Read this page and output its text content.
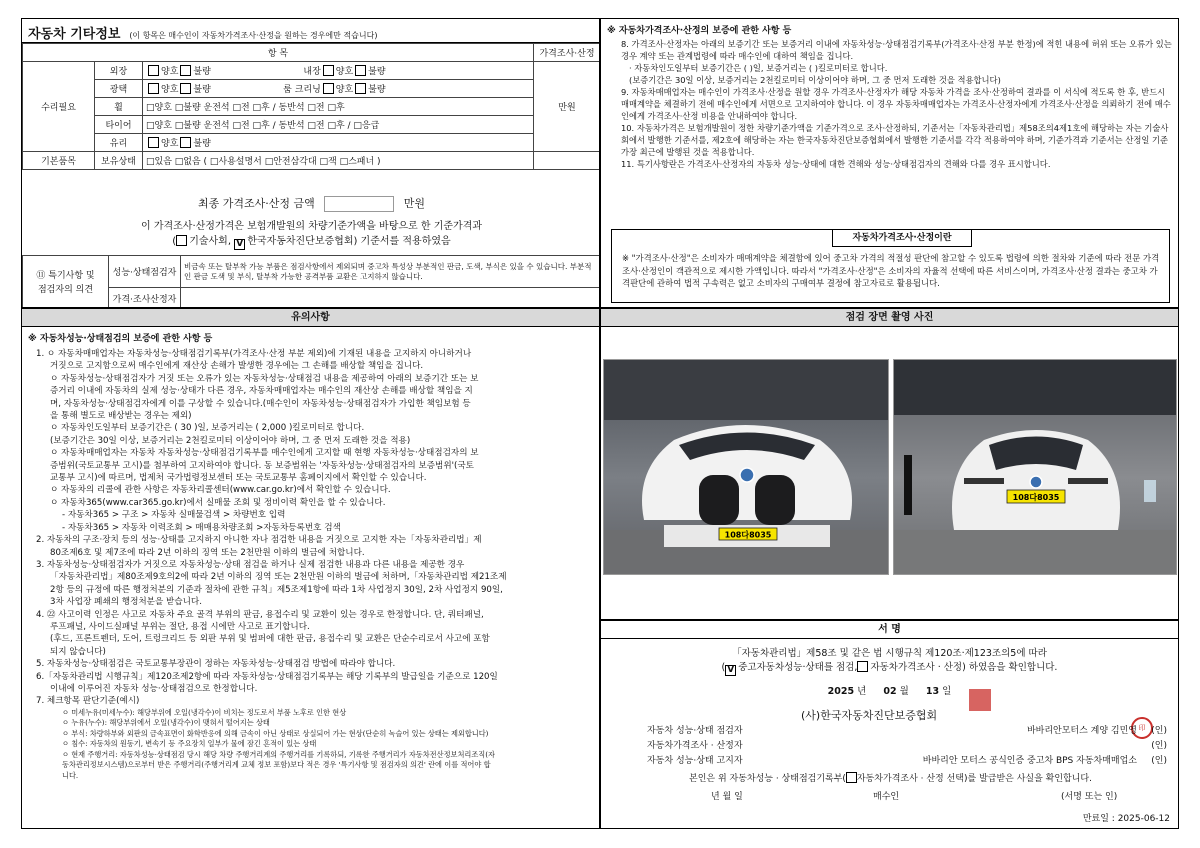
자동차 기타정보 (이 항목은 매수인이 자동차가격조사·산정을 원하는 경우에만 적습니다)
항 목			가격조사·산정
수리필요	외장	양호 불량 내장 양호 불량	만원
	광택	양호 불량 룸 크리닝 양호 불량	
	휠	□양호 □불량 운전석 □전 □후 / 동반석 □전 □후	
	타이어	□양호 □불량 운전석 □전 □후 / 동반석 □전 □후 / □응급	
	유리	양호 불량	
기본품목	보유상태	□있음 □없음 ( □사용설명서 □안전삼각대 □잭 □스패너 )	
최종 가격조사·산정 금액	만원
이 가격조사·산정가격은 보험개발원의 차량기준가액을 바탕으로 한 기준가격과
( 기술사회, V 한국자동차진단보증협회) 기준서를 적용하였음
⑪ 특기사항 및
점검자의 의견	성능·상태점검자	비금속 또는 탈부착 가능 부품은 점검사항에서 제외되며 중고차 특성상 부분적인 판금, 도색, 부식은 있을 수 있습니다. 부분적인 판금 도색 및 부식, 탈부착 가능한 공격부품 교환은 고지하지 않습니다.
	가격·조사산정자	
※ 자동차가격조사·산정의 보증에 관한 사항 등

8. 가격조사·산정자는 아래의 보증기간 또는 보증거리 이내에 자동차성능·상태점검기록부(가격조사·산정 부분 한정)에 적힌 내용에 허위 또는 오류가 있는 경우 계약 또는 관계법령에 따라 매수인에 대하여 책임을 집니다.

· 자동차인도일부터 보증기간은 ( )일, 보증거리는 ( )킬로미터로 합니다.

(보증기간은 30일 이상, 보증거리는 2천킬로미터 이상이어야 하며, 그 중 먼저 도래한 것을 적용합니다)

9. 자동차매매업자는 매수인이 가격조사·산정을 원할 경우 가격조사·산정자가 해당 자동차 가격을 조사·산정하여 결과를 이 서식에 적도록 한 후, 반드시 매매계약을 체결하기 전에 매수인에게 서면으로 고지하여야 합니다. 이 경우 자동차매매업자는 가격조사·산정자에게 가격조사·산정을 의뢰하기 전에 매수인에게 가격조사·산정 비용을 안내하여야 합니다.

10. 자동차가격은 보험개발원이 정한 차량기준가액을 기준가격으로 조사·산정하되, 기준서는「자동차관리법」제58조의4제1호에 해당하는 자는 기술사회에서 발행한 기준서를, 제2호에 해당하는 자는 한국자동차진단보증협회에서 발행한 기준서를 각각 적용하여야 하며, 기준가격과 기준서는 산정일 기준 가장 최근에 발행된 것을 적용합니다.

11. 특기사항란은 가격조사·산정자의 자동차 성능·상태에 대한 견해와 성능·상태점검자의 견해와 다를 경우 표시합니다.

자동차가격조사·산정이란
※ "가격조사·산정"은 소비자가 매매계약을 체결함에 있어 중고차 가격의 적절성 판단에 참고할 수 있도록 법령에 의한 절차와 기준에 따라 전문 가격조사·산정인이 객관적으로 제시한 가액입니다. 따라서 "가격조사·산정"은 소비자의 자율적 선택에 따른 서비스이며, 가격조사·산정 결과는 중고차 가격판단에 관하여 법적 구속력은 없고 소비자의 구매여부 결정에 참고자료로 활용됩니다.
유의사항
※ 자동차성능·상태점검의 보증에 관한 사항 등

1. ㅇ 자동차매매업자는 자동차성능·상태점검기록부(가격조사·산정 부분 제외)에 기재된 내용을 고지하지 아니하거나

거짓으로 고지함으로써 매수인에게 재산상 손해가 발생한 경우에는 그 손해를 배상할 책임을 집니다.

ㅇ 자동차성능·상태점검자가 거짓 또는 오류가 있는 자동차성능·상태점검 내용을 제공하여 아래의 보증기간 또는 보

증거리 이내에 자동차의 실제 성능·상태가 다른 경우, 자동차매매업자는 매수인의 재산상 손해를 배상할 책임을 지

며, 자동차성능·상태점검자에게 이를 구상할 수 있습니다.(매수인이 자동차성능·상태점검자가 가입한 책임보험 등

을 통해 별도로 배상받는 경우는 제외)

ㅇ 자동차인도일부터 보증기간은 ( 30 )일, 보증거리는 ( 2,000 )킬로미터로 합니다.

(보증기간은 30일 이상, 보증거리는 2천킬로미터 이상이어야 하며, 그 중 먼저 도래한 것을 적용)

ㅇ 자동차매매업자는 자동차 자동차성능·상태점검기록부를 매수인에게 고지할 때 현행 자동차성능·상태점검자의 보

증범위(국토교통부 고시)를 첨부하여 고지하여야 합니다. 동 보증범위는 '자동차성능·상태점검자의 보증범위'(국토

교통부 고시)에 따르며, 법제처 국가법령정보센터 또는 국토교통부 홈페이지에서 확인할 수 있습니다.

ㅇ 자동차의 리콜에 관한 사항은 자동차리콜센터(www.car.go.kr)에서 확인할 수 있습니다.

ㅇ 자동차365(www.car365.go.kr)에서 실매물 조회 및 정비이력 확인을 할 수 있습니다.

- 자동차365 > 구조 > 자동차 실매물검색 > 차량번호 입력

- 자동차365 > 자동차 이력조회 > 매매용차량조회 >자동차등록번호 검색

2. 자동차의 구조·장치 등의 성능·상태를 고지하지 아니한 자나 점검한 내용을 거짓으로 고지한 자는「자동차관리법」제

80조제6호 및 제7조에 따라 2년 이하의 징역 또는 2천만원 이하의 벌금에 처합니다.

3. 자동차성능·상태점검자가 거짓으로 자동차성능·상태 점검을 하거나 실제 점검한 내용과 다른 내용을 제공한 경우

「자동차관리법」제80조제9호의2에 따라 2년 이하의 징역 또는 2천만원 이하의 벌금에 처하며,「자동차관리법 제21조제

2항 등의 규정에 따른 행정처분의 기준과 절차에 관한 규칙」제5조제1항에 따라 1차 사업정지 30일, 2차 사업정지 90일,

3차 사업장 폐쇄의 행정처분을 받습니다.

4. ㉒ 사고이력 인정은 사고로 자동차 주요 골격 부위의 판금, 용접수리 및 교환이 있는 경우로 한정합니다. 단, 쿼터패널,

루프패널, 사이드실패널 부위는 절단, 용접 시에만 사고로 표기합니다.

(후드, 프론트펜더, 도어, 트렁크리드 등 외판 부위 및 범퍼에 대한 판금, 용접수리 및 교환은 단순수리로서 사고에 포함

되지 않습니다)

5. 자동차성능·상태점검은 국토교통부장관이 정하는 자동차성능·상태점검 방법에 따라야 합니다.

6.「자동차관리법 시행규칙」제120조제2항에 따라 자동차성능·상태점검기록부는 해당 기록부의 발급일을 기준으로 120일

이내에 이루어진 자동차 성능·상태점검으로 한정합니다.

7. 체크항목 판단기준(예시)

ㅇ 미세누유(미세누수): 해당부위에 오일(냉각수)이 비치는 정도로서 부품 노후로 인한 현상

ㅇ 누유(누수): 해당부위에서 오일(냉각수)이 맺혀서 떨어지는 상태

ㅇ 부식: 차량하부와 외판의 금속표면이 화학반응에 의해 금속이 아닌 상태로 상실되어 가는 현상(단순히 녹슬어 있는 상태는 제외합니다)

ㅇ 침수: 자동차의 원동기, 변속기 등 주요장치 일부가 물에 잠긴 흔적이 있는 상태

ㅇ 현재 주행거리: 자동차성능·상태점검 당시 해당 차량 주행거리계의 주행거리를 기록하되, 기록한 주행거리가 자동차전산정보처리조직(자

동차관리정보시스템)으로부터 받은 주행거리(주행거리계 교체 정보 포함)보다 적은 경우 '특기사항 및 점검자의 의견' 란에 이를 적어야 합

니다.

점검 장면 촬영 사진
108다8035
108다8035
서 명
「자동차관리법」제58조 및 같은 법 시행규칙 제120조·제123조의5에 따라
( V 중고자동차성능·상태를 점검, 자동차가격조사 · 산정) 하였음을 확인합니다.
2025 년 02 월 13 일
(사)한국자동차진단보증협회
印
자동차 성능·상태 점검자	바바리안모터스 계양 김민영 (인)
자동차가격조사 · 산정자	(인)
자동차 성능·상태 고지자	바바리안 모터스 공식인증 중고차 BPS 자동차매매업소 (인)
본인은 위 자동차성능 · 상태점검기록부( 자동차가격조사 · 산정 선택)를 발급받은 사실을 확인합니다.
년 월 일	매수인	(서명 또는 인)
만료일 : 2025-06-12
